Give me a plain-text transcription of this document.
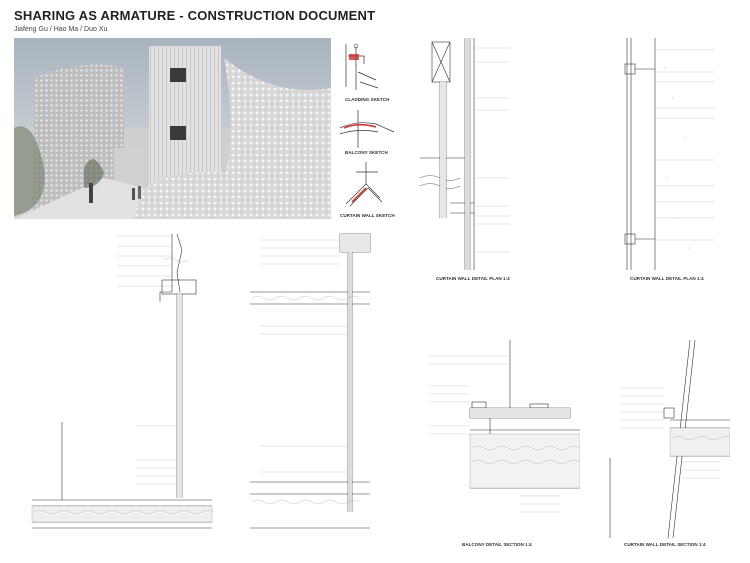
SHARING AS ARMATURE - CONSTRUCTION DOCUMENT
Jiafeng Gu / Hao Ma / Duo Xu
CLADDING SKETCH
BALCONY SKETCH
CURTAIN WALL SKETCH
CURTAIN WALL DETAIL PLAN 1:4	CURTAIN WALL DETAIL PLAN 1:4
BALCONY DETAIL SECTION 1:4	CURTAIN WALL DETAIL SECTION 1:4
